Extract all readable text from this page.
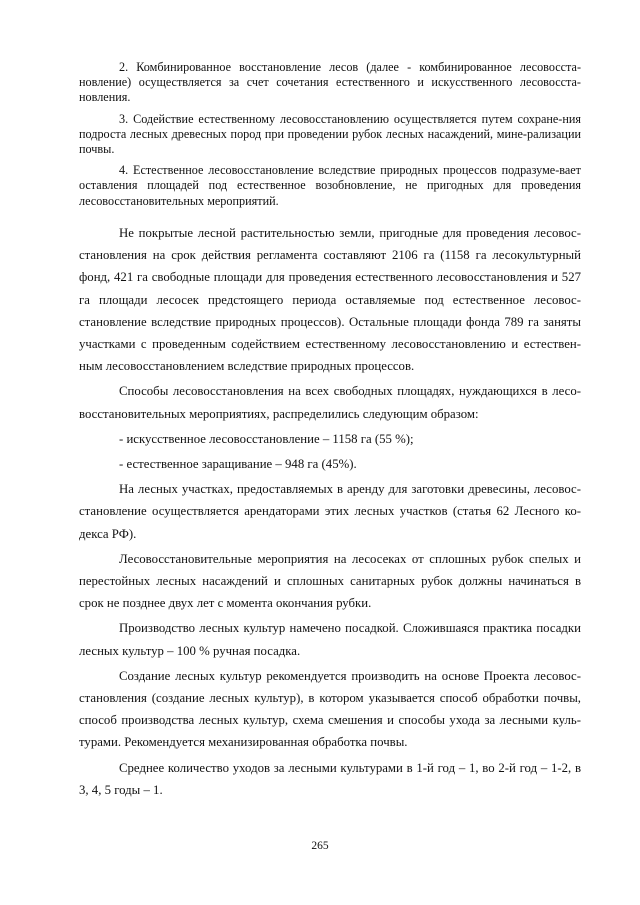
2. Комбинированное восстановление лесов (далее - комбинированное лесовосста-новление) осуществляется за счет сочетания естественного и искусственного лесовосста-новления.

3. Содействие естественному лесовосстановлению осуществляется путем сохране-ния подроста лесных древесных пород при проведении рубок лесных насаждений, мине-рализации почвы.

4. Естественное лесовосстановление вследствие природных процессов подразуме-вает оставления площадей под естественное возобновление, не пригодных для проведения лесовосстановительных мероприятий.

Не покрытые лесной растительностью земли, пригодные для проведения лесовос-становления на срок действия регламента составляют 2106 га (1158 га лесокультурный фонд, 421 га свободные площади для проведения естественного лесовосстановления и 527 га площади лесосек предстоящего периода оставляемые под естественное лесовос-становление вследствие природных процессов). Остальные площади фонда 789 га заняты участками с проведенным содействием естественному лесовосстановлению и естествен-ным лесовосстановлением вследствие природных процессов.

Способы лесовосстановления на всех свободных площадях, нуждающихся в лесо-восстановительных мероприятиях, распределились следующим образом:

- искусственное лесовосстановление – 1158 га (55 %);

- естественное заращивание – 948 га (45%).

На лесных участках, предоставляемых в аренду для заготовки древесины, лесовос-становление осуществляется арендаторами этих лесных участков (статья 62 Лесного ко-декса РФ).

Лесовосстановительные мероприятия на лесосеках от сплошных рубок спелых и перестойных лесных насаждений и сплошных санитарных рубок должны начинаться в срок не позднее двух лет с момента окончания рубки.

Производство лесных культур намечено посадкой. Сложившаяся практика посадки лесных культур – 100 % ручная посадка.

Создание лесных культур рекомендуется производить на основе Проекта лесовос-становления (создание лесных культур), в котором указывается способ обработки почвы, способ производства лесных культур, схема смешения и способы ухода за лесными куль-турами. Рекомендуется механизированная обработка почвы.

Среднее количество уходов за лесными культурами в 1-й год – 1, во 2-й год – 1-2, в 3, 4, 5 годы – 1.

265
